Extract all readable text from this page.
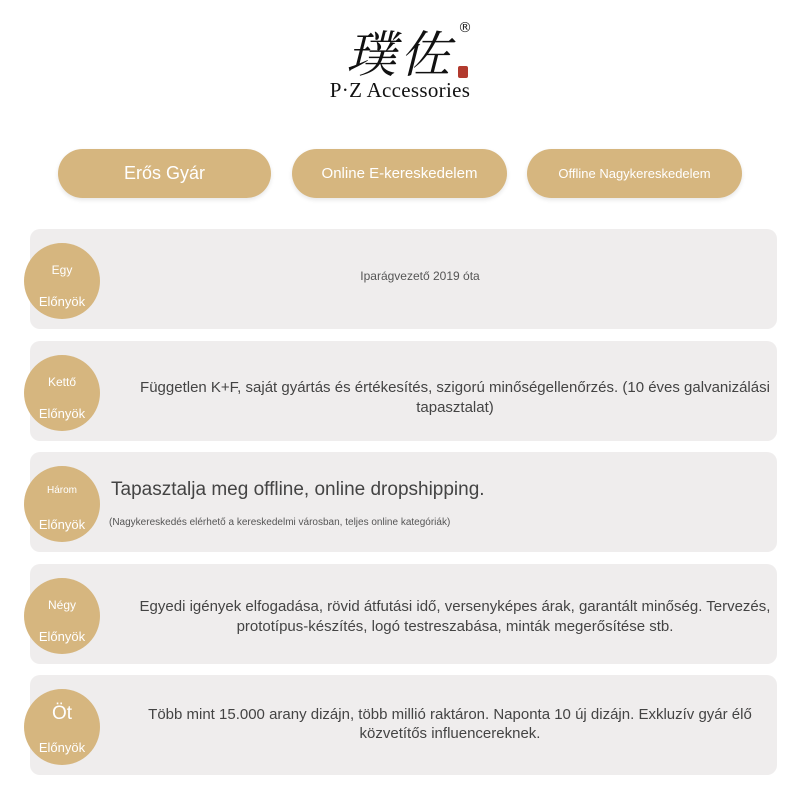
璞佐 ®
P·Z Accessories
Erős Gyár	Online E-kereskedelem	Offline Nagykereskedelem
Egy
Előnyök
Iparágvezető 2019 óta
Kettő
Előnyök
Független K+F, saját gyártás és értékesítés, szigorú minőségellenőrzés. (10 éves galvanizálási tapasztalat)
Három
Előnyök
Tapasztalja meg offline, online dropshipping.
(Nagykereskedés elérhető a kereskedelmi városban, teljes online kategóriák)
Négy
Előnyök
Egyedi igények elfogadása, rövid átfutási idő, versenyképes árak, garantált minőség. Tervezés, prototípus-készítés, logó testreszabása, minták megerősítése stb.
Öt
Előnyök
Több mint 15.000 arany dizájn, több millió raktáron. Naponta 10 új dizájn. Exkluzív gyár élő közvetítős influencereknek.
